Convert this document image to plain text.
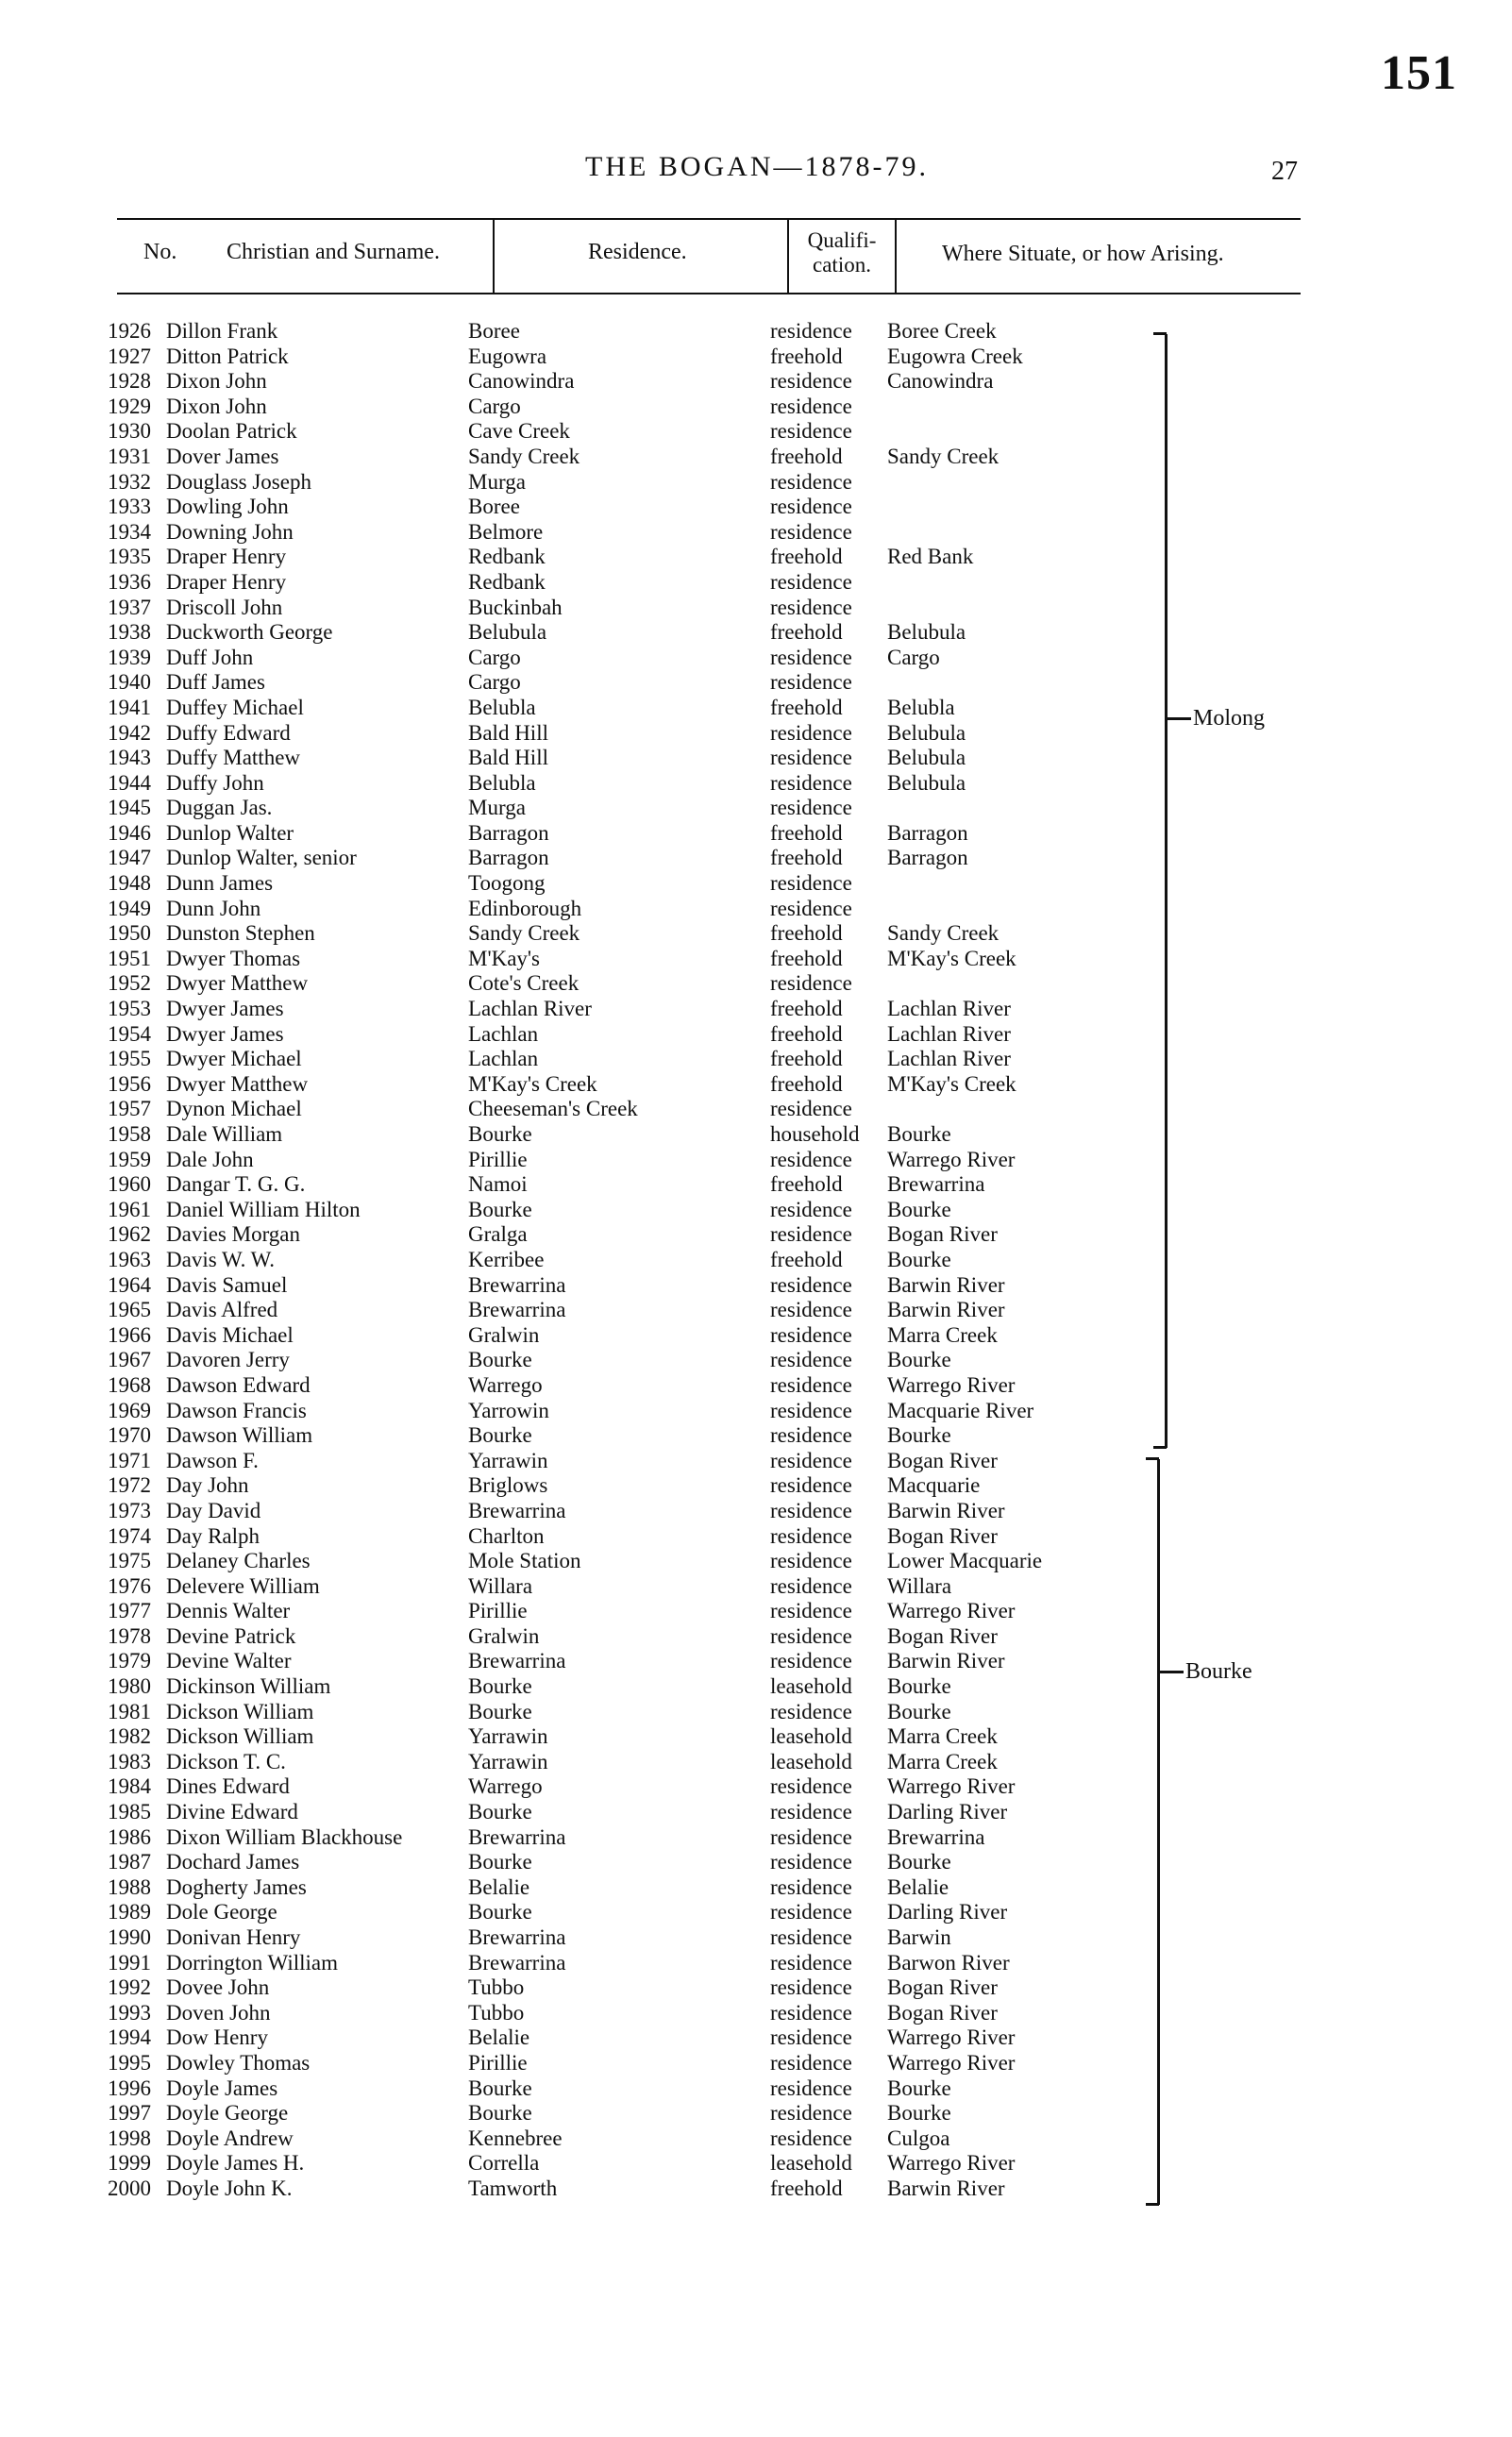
151
THE BOGAN—1878-79.	27
No. Christian and Surname.	Residence.	Qualifi-
cation.	Where Situate, or how Arising.
1926 Dillon Frank	Boree	residence Boree Creek
1927 Ditton Patrick	Eugowra	freehold Eugowra Creek
1928 Dixon John	Canowindra	residence Canowindra
1929 Dixon John	Cargo	residence
1930 Doolan Patrick	Cave Creek	residence
1931 Dover James	Sandy Creek	freehold Sandy Creek
1932 Douglass Joseph	Murga	residence
1933 Dowling John	Boree	residence
1934 Downing John	Belmore	residence
1935 Draper Henry	Redbank	freehold Red Bank
1936 Draper Henry	Redbank	residence
1937 Driscoll John	Buckinbah	residence
1938 Duckworth George	Belubula	freehold Belubula
1939 Duff John	Cargo	residence Cargo
1940 Duff James	Cargo	residence
1941 Duffey Michael	Belubla	freehold Belubla
1942 Duffy Edward	Bald Hill	residence Belubula
1943 Duffy Matthew	Bald Hill	residence Belubula
1944 Duffy John	Belubla	residence Belubula
1945 Duggan Jas.	Murga	residence
1946 Dunlop Walter	Barragon	freehold Barragon
1947 Dunlop Walter, senior	Barragon	freehold Barragon
1948 Dunn James	Toogong	residence
1949 Dunn John	Edinborough	residence
1950 Dunston Stephen	Sandy Creek	freehold Sandy Creek
1951 Dwyer Thomas	M'Kay's	freehold M'Kay's Creek
1952 Dwyer Matthew	Cote's Creek	residence
1953 Dwyer James	Lachlan River	freehold Lachlan River
1954 Dwyer James	Lachlan	freehold Lachlan River
1955 Dwyer Michael	Lachlan	freehold Lachlan River
1956 Dwyer Matthew	M'Kay's Creek	freehold M'Kay's Creek
1957 Dynon Michael	Cheeseman's Creek	residence
1958 Dale William	Bourke	household Bourke
1959 Dale John	Pirillie	residence Warrego River
1960 Dangar T. G. G.	Namoi	freehold Brewarrina
1961 Daniel William Hilton	Bourke	residence Bourke
1962 Davies Morgan	Gralga	residence Bogan River
1963 Davis W. W.	Kerribee	freehold Bourke
1964 Davis Samuel	Brewarrina	residence Barwin River
1965 Davis Alfred	Brewarrina	residence Barwin River
1966 Davis Michael	Gralwin	residence Marra Creek
1967 Davoren Jerry	Bourke	residence Bourke
1968 Dawson Edward	Warrego	residence Warrego River
1969 Dawson Francis	Yarrowin	residence Macquarie River
1970 Dawson William	Bourke	residence Bourke
1971 Dawson F.	Yarrawin	residence Bogan River
1972 Day John	Briglows	residence Macquarie
1973 Day David	Brewarrina	residence Barwin River
1974 Day Ralph	Charlton	residence Bogan River
1975 Delaney Charles	Mole Station	residence Lower Macquarie
1976 Delevere William	Willara	residence Willara
1977 Dennis Walter	Pirillie	residence Warrego River
1978 Devine Patrick	Gralwin	residence Bogan River
1979 Devine Walter	Brewarrina	residence Barwin River
1980 Dickinson William	Bourke	leasehold Bourke
1981 Dickson William	Bourke	residence Bourke
1982 Dickson William	Yarrawin	leasehold Marra Creek
1983 Dickson T. C.	Yarrawin	leasehold Marra Creek
1984 Dines Edward	Warrego	residence Warrego River
1985 Divine Edward	Bourke	residence Darling River
1986 Dixon William Blackhouse	Brewarrina	residence Brewarrina
1987 Dochard James	Bourke	residence Bourke
1988 Dogherty James	Belalie	residence Belalie
1989 Dole George	Bourke	residence Darling River
1990 Donivan Henry	Brewarrina	residence Barwin
1991 Dorrington William	Brewarrina	residence Barwon River
1992 Dovee John	Tubbo	residence Bogan River
1993 Doven John	Tubbo	residence Bogan River
1994 Dow Henry	Belalie	residence Warrego River
1995 Dowley Thomas	Pirillie	residence Warrego River
1996 Doyle James	Bourke	residence Bourke
1997 Doyle George	Bourke	residence Bourke
1998 Doyle Andrew	Kennebree	residence Culgoa
1999 Doyle James H.	Corrella	leasehold Warrego River
2000 Doyle John K.	Tamworth	freehold Barwin River
Molong
Bourke
